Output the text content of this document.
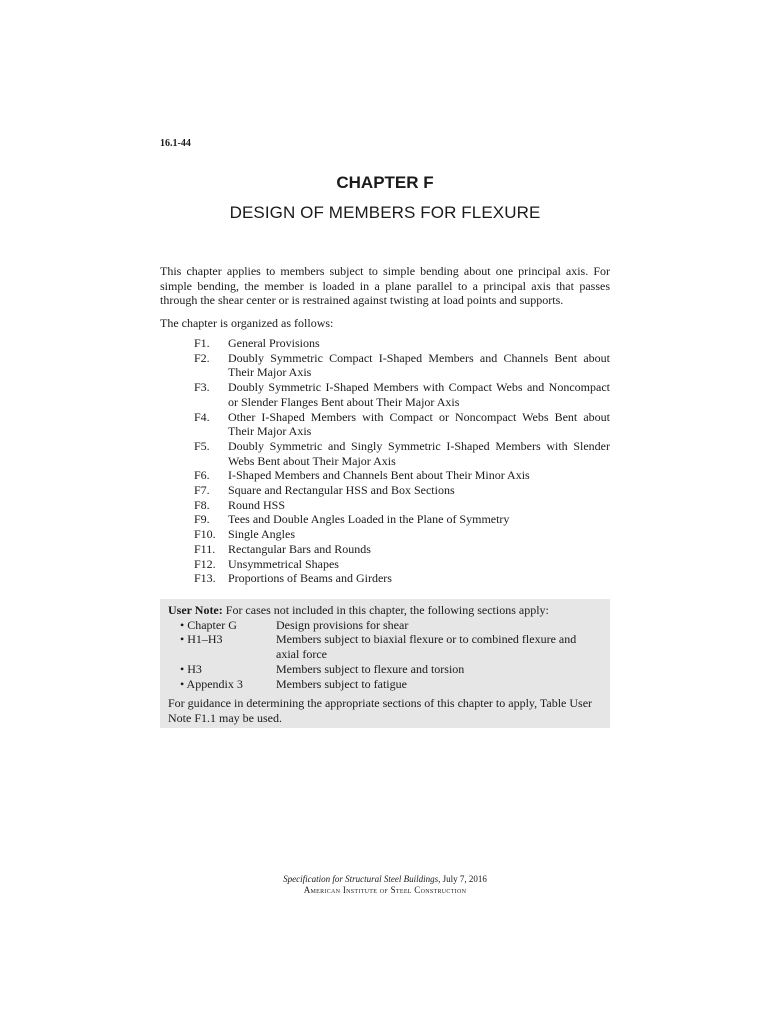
16.1-44
CHAPTER F
DESIGN OF MEMBERS FOR FLEXURE

This chapter applies to members subject to simple bending about one principal axis. For simple bending, the member is loaded in a plane parallel to a principal axis that passes through the shear center or is restrained against twisting at load points and supports.

The chapter is organized as follows:

F1.	General Provisions
F2.	Doubly Symmetric Compact I-Shaped Members and Channels Bent about Their Major Axis
F3.	Doubly Symmetric I-Shaped Members with Compact Webs and Noncompact or Slender Flanges Bent about Their Major Axis
F4.	Other I-Shaped Members with Compact or Noncompact Webs Bent about Their Major Axis
F5.	Doubly Symmetric and Singly Symmetric I-Shaped Members with Slender Webs Bent about Their Major Axis
F6.	I-Shaped Members and Channels Bent about Their Minor Axis
F7.	Square and Rectangular HSS and Box Sections
F8.	Round HSS
F9.	Tees and Double Angles Loaded in the Plane of Symmetry
F10.	Single Angles
F11.	Rectangular Bars and Rounds
F12.	Unsymmetrical Shapes
F13.	Proportions of Beams and Girders
User Note: For cases not included in this chapter, the following sections apply:
• Chapter G	Design provisions for shear
• H1–H3	Members subject to biaxial flexure or to combined flexure and axial force
• H3	Members subject to flexure and torsion
• Appendix 3	Members subject to fatigue
For guidance in determining the appropriate sections of this chapter to apply, Table User Note F1.1 may be used.
Specification for Structural Steel Buildings, July 7, 2016
American Institute of Steel Construction
